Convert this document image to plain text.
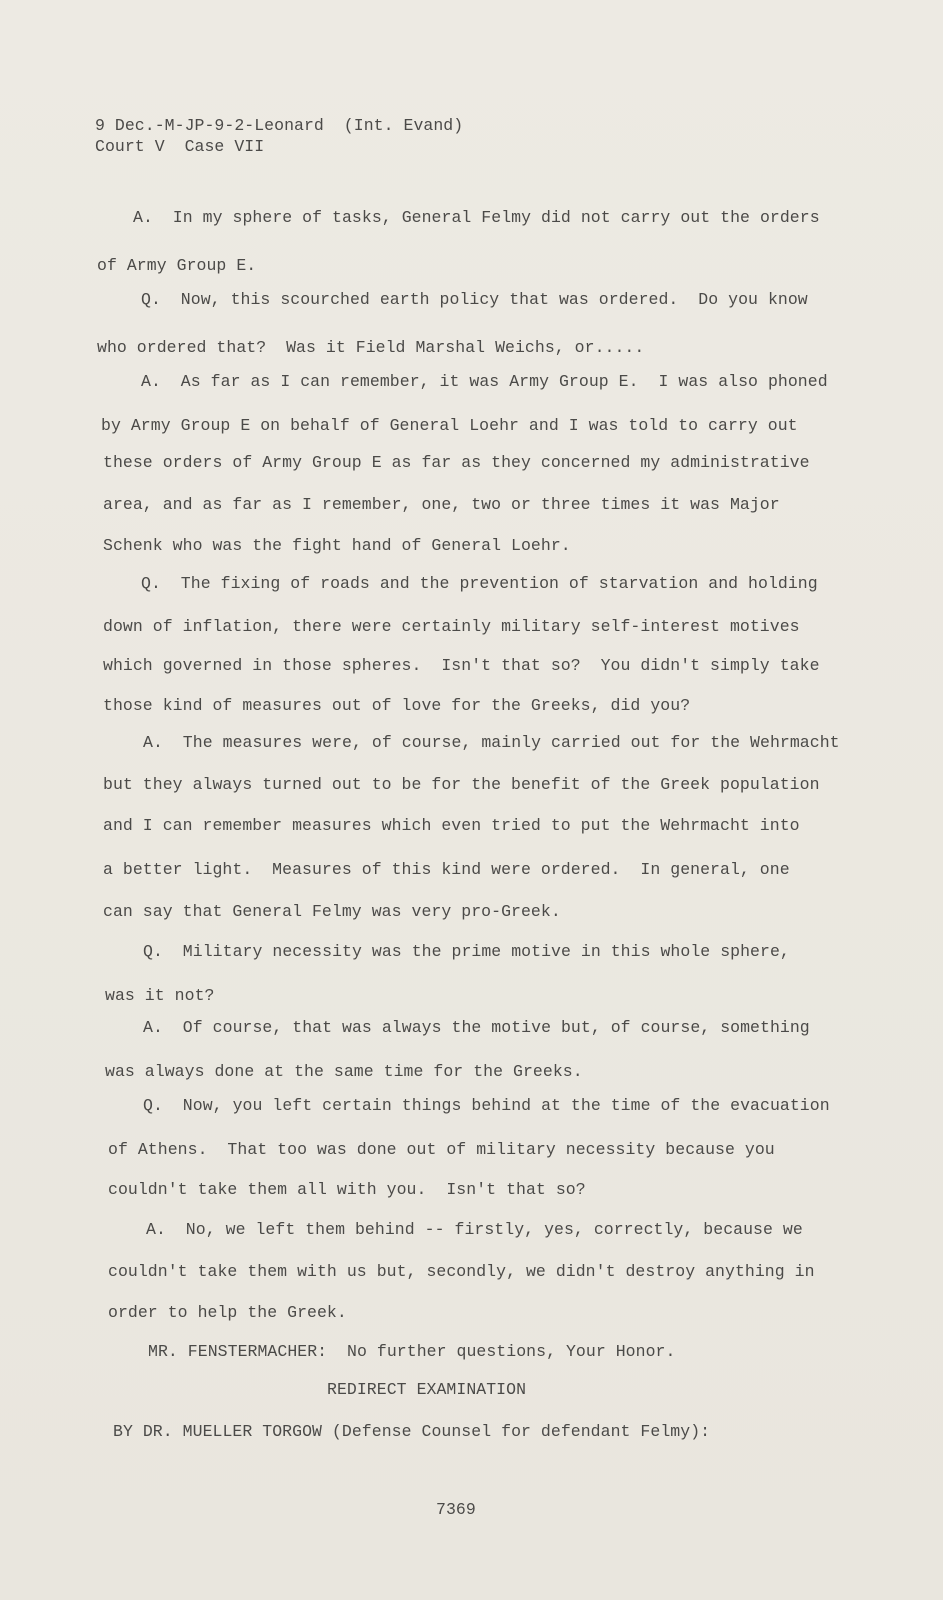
9 Dec.-M-JP-9-2-Leonard  (Int. Evand)
Court V  Case VII
7369
A.  In my sphere of tasks, General Felmy did not carry out the orders
of Army Group E.
Q.  Now, this scourched earth policy that was ordered.  Do you know
who ordered that?  Was it Field Marshal Weichs, or.....
A.  As far as I can remember, it was Army Group E.  I was also phoned
by Army Group E on behalf of General Loehr and I was told to carry out
these orders of Army Group E as far as they concerned my administrative
area, and as far as I remember, one, two or three times it was Major
Schenk who was the fight hand of General Loehr.
Q.  The fixing of roads and the prevention of starvation and holding
down of inflation, there were certainly military self-interest motives
which governed in those spheres.  Isn't that so?  You didn't simply take
those kind of measures out of love for the Greeks, did you?
A.  The measures were, of course, mainly carried out for the Wehrmacht
but they always turned out to be for the benefit of the Greek population
and I can remember measures which even tried to put the Wehrmacht into
a better light.  Measures of this kind were ordered.  In general, one
can say that General Felmy was very pro-Greek.
Q.  Military necessity was the prime motive in this whole sphere,
was it not?
A.  Of course, that was always the motive but, of course, something
was always done at the same time for the Greeks.
Q.  Now, you left certain things behind at the time of the evacuation
of Athens.  That too was done out of military necessity because you
couldn't take them all with you.  Isn't that so?
A.  No, we left them behind -- firstly, yes, correctly, because we
couldn't take them with us but, secondly, we didn't destroy anything in
order to help the Greek.
MR. FENSTERMACHER:  No further questions, Your Honor.
REDIRECT EXAMINATION
BY DR. MUELLER TORGOW (Defense Counsel for defendant Felmy):
